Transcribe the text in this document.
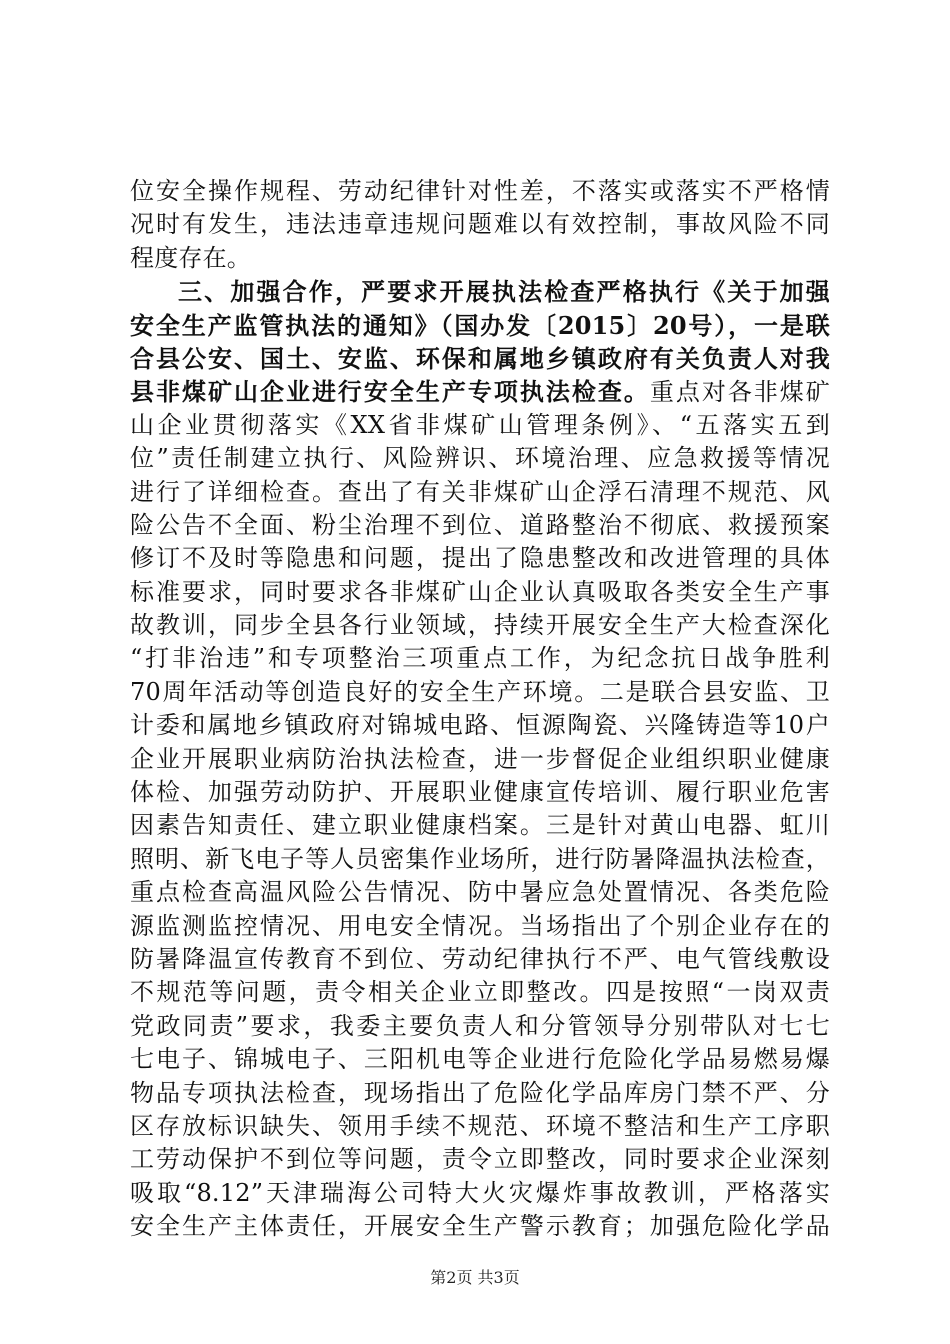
位安全操作规程、劳动纪律针对性差，不落实或落实不严格情
况时有发生，违法违章违规问题难以有效控制，事故风险不同
程度存在。
三、加强合作，严要求开展执法检查严格执行《关于加强
安全生产监管执法的通知》（国办发〔2015〕20号），一是联
合县公安、国土、安监、环保和属地乡镇政府有关负责人对我
县非煤矿山企业进行安全生产专项执法检查。重点对各非煤矿
山企业贯彻落实《XX省非煤矿山管理条例》、“五落实五到
位”责任制建立执行、风险辨识、环境治理、应急救援等情况
进行了详细检查。查出了有关非煤矿山企浮石清理不规范、风
险公告不全面、粉尘治理不到位、道路整治不彻底、救援预案
修订不及时等隐患和问题，提出了隐患整改和改进管理的具体
标准要求，同时要求各非煤矿山企业认真吸取各类安全生产事
故教训，同步全县各行业领域，持续开展安全生产大检查深化
“打非治违”和专项整治三项重点工作，为纪念抗日战争胜利
70周年活动等创造良好的安全生产环境。二是联合县安监、卫
计委和属地乡镇政府对锦城电路、恒源陶瓷、兴隆铸造等10户
企业开展职业病防治执法检查，进一步督促企业组织职业健康
体检、加强劳动防护、开展职业健康宣传培训、履行职业危害
因素告知责任、建立职业健康档案。三是针对黄山电器、虹川
照明、新飞电子等人员密集作业场所，进行防暑降温执法检查，
重点检查高温风险公告情况、防中暑应急处置情况、各类危险
源监测监控情况、用电安全情况。当场指出了个别企业存在的
防暑降温宣传教育不到位、劳动纪律执行不严、电气管线敷设
不规范等问题，责令相关企业立即整改。四是按照“一岗双责
党政同责”要求，我委主要负责人和分管领导分别带队对七七
七电子、锦城电子、三阳机电等企业进行危险化学品易燃易爆
物品专项执法检查，现场指出了危险化学品库房门禁不严、分
区存放标识缺失、领用手续不规范、环境不整洁和生产工序职
工劳动保护不到位等问题，责令立即整改，同时要求企业深刻
吸取“8.12”天津瑞海公司特大火灾爆炸事故教训，严格落实
安全生产主体责任，开展安全生产警示教育；加强危险化学品
第2页 共3页
